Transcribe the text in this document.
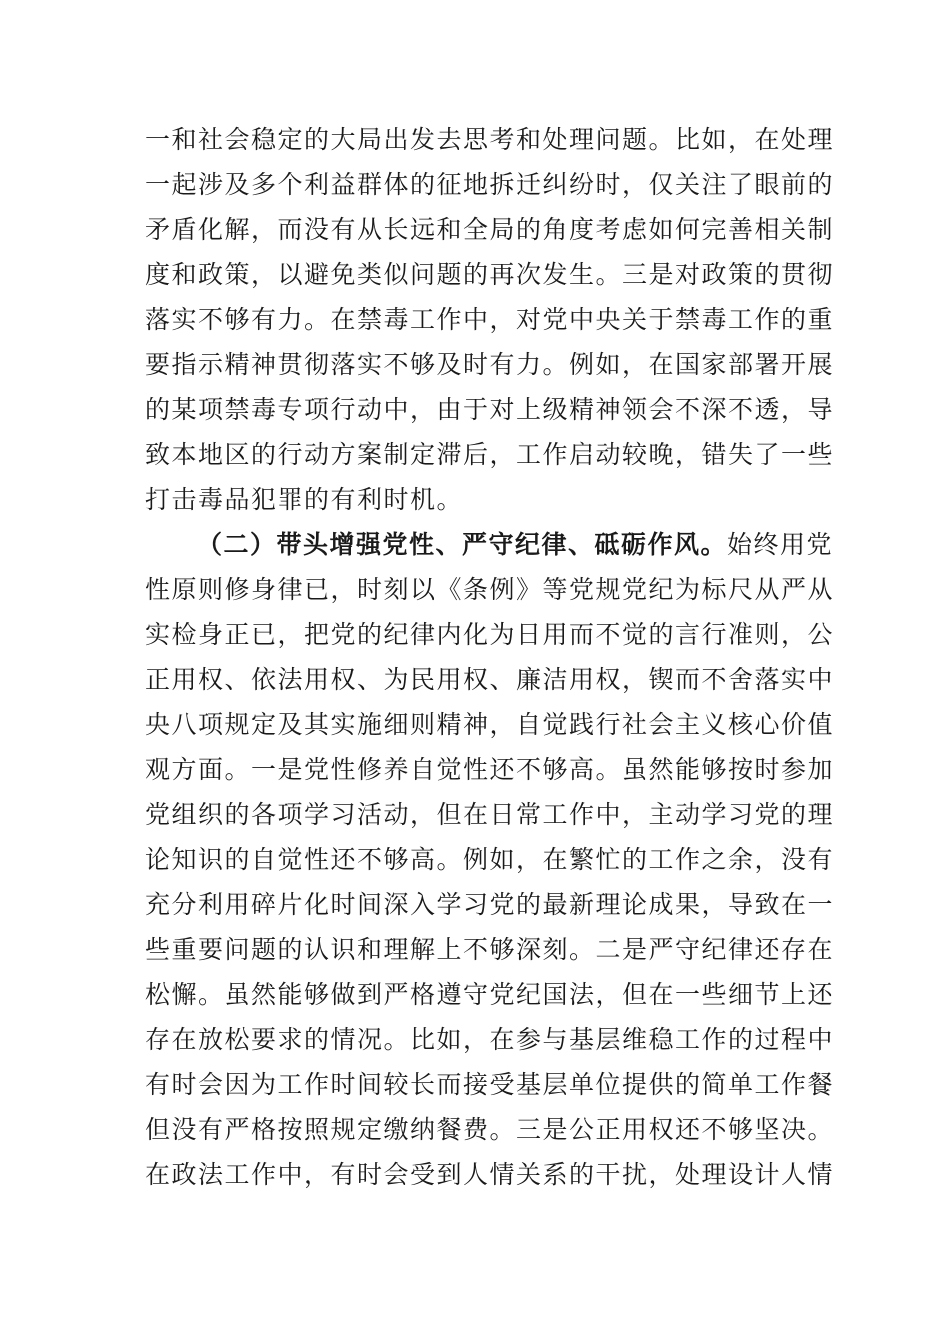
一和社会稳定的大局出发去思考和处理问题。比如，在处理
一起涉及多个利益群体的征地拆迁纠纷时，仅关注了眼前的
矛盾化解，而没有从长远和全局的角度考虑如何完善相关制
度和政策，以避免类似问题的再次发生。三是对政策的贯彻
落实不够有力。在禁毒工作中，对党中央关于禁毒工作的重
要指示精神贯彻落实不够及时有力。例如，在国家部署开展
的某项禁毒专项行动中，由于对上级精神领会不深不透，导
致本地区的行动方案制定滞后，工作启动较晚，错失了一些
打击毒品犯罪的有利时机。
（二）带头增强党性、严守纪律、砥砺作风。始终用党
性原则修身律已，时刻以《条例》等党规党纪为标尺从严从
实检身正已，把党的纪律内化为日用而不觉的言行准则，公
正用权、依法用权、为民用权、廉洁用权，锲而不舍落实中
央八项规定及其实施细则精神，自觉践行社会主义核心价值
观方面。一是党性修养自觉性还不够高。虽然能够按时参加
党组织的各项学习活动，但在日常工作中，主动学习党的理
论知识的自觉性还不够高。例如，在繁忙的工作之余，没有
充分利用碎片化时间深入学习党的最新理论成果，导致在一
些重要问题的认识和理解上不够深刻。二是严守纪律还存在
松懈。虽然能够做到严格遵守党纪国法，但在一些细节上还
存在放松要求的情况。比如，在参与基层维稳工作的过程中
有时会因为工作时间较长而接受基层单位提供的简单工作餐
但没有严格按照规定缴纳餐费。三是公正用权还不够坚决。
在政法工作中，有时会受到人情关系的干扰，处理设计人情
